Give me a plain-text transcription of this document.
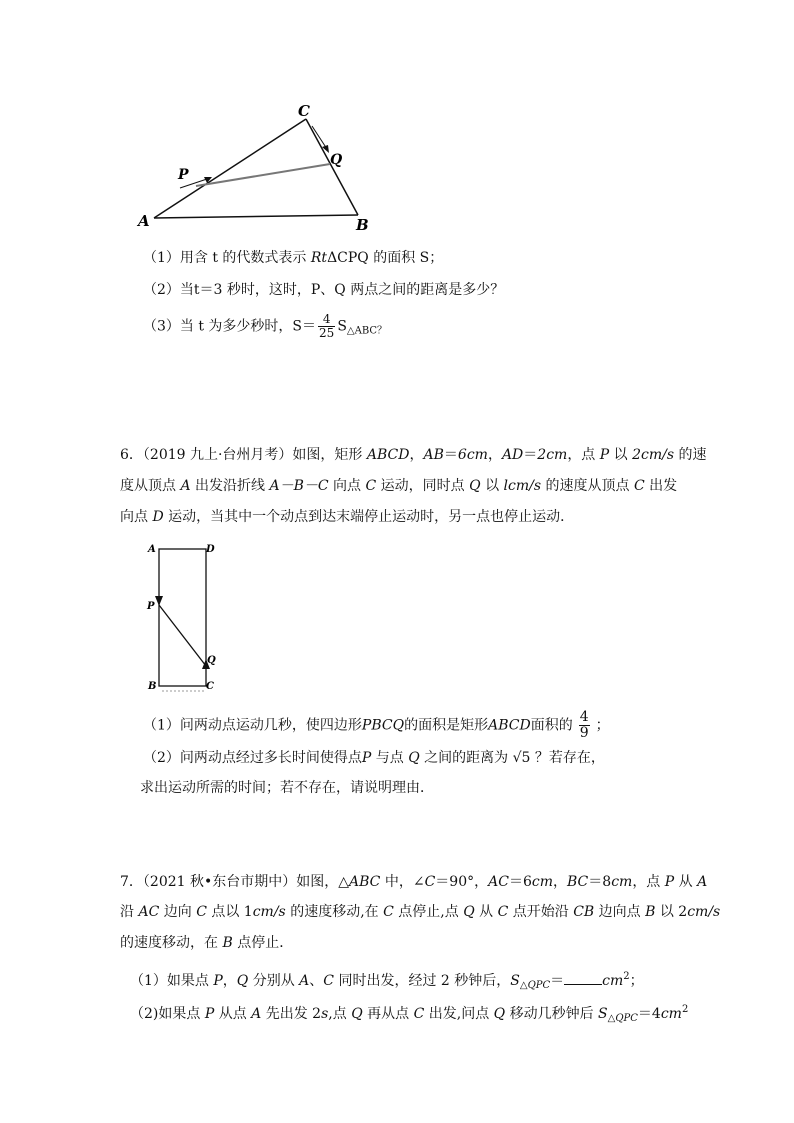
C
Q
P
A	B
（1）用含 t 的代数式表示 RtΔCPQ 的面积 S；
（2）当t＝3 秒时，这时，P、Q 两点之间的距离是多少？
（3）当 t 为多少秒时，$S= \frac{4}{25} S_{\triangle ABC?}$
6．（2019 九上·台州月考）如图，矩形 ABCD，AB＝6cm，AD＝2cm，点 P 以 2cm/s 的速
度从顶点 A 出发沿折线 A－B－C 向点 C 运动，同时点 Q 以 lcm/s 的速度从顶点 C 出发
向点 D 运动，当其中一个动点到达末端停止运动时，另一点也停止运动．
A	D
P
Q
B	C
（1）问两动点运动几秒，使四边形PBCQ的面积是矩形ABCD面积的 $\frac{4}{9}$ ；
（2）问两动点经过多长时间使得点P 与点 Q 之间的距离为 √5 ？若存在，
求出运动所需的时间；若不存在，请说明理由．
7．（2021 秋•东台市期中）如图，△ABC 中，∠C＝90°，AC＝6cm，BC＝8cm，点 P 从 A
沿 AC 边向 C 点以 1cm/s 的速度移动,在 C 点停止,点 Q 从 C 点开始沿 CB 边向点 B 以 2cm/s
的速度移动，在 B 点停止．
（1）如果点 P，Q 分别从 A、C 同时出发，经过 2 秒钟后，$S_{\triangle QPC}=$	$cm^2$；
（2)如果点 P 从点 A 先出发 2s,点 Q 再从点 C 出发,问点 Q 移动几秒钟后 $S_{\triangle QPC}=4cm^2$
